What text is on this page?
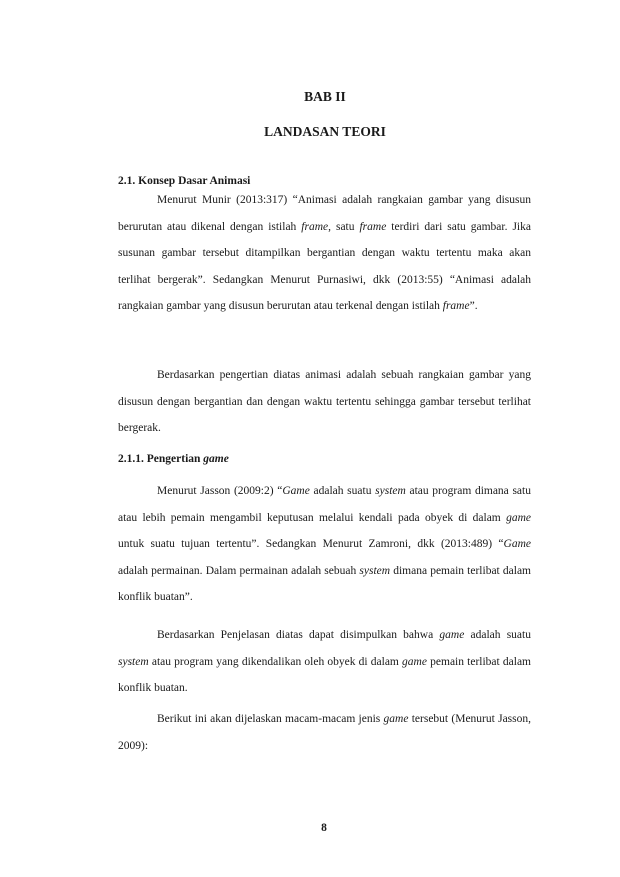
BAB II

LANDASAN TEORI

2.1. Konsep Dasar Animasi

Menurut Munir (2013:317) “Animasi adalah rangkaian gambar yang disusun berurutan atau dikenal dengan istilah frame, satu frame terdiri dari satu gambar. Jika susunan gambar tersebut ditampilkan bergantian dengan waktu tertentu maka akan terlihat bergerak”. Sedangkan Menurut Purnasiwi, dkk (2013:55) “Animasi adalah rangkaian gambar yang disusun berurutan atau terkenal dengan istilah frame”.

Berdasarkan pengertian diatas animasi adalah sebuah rangkaian gambar yang disusun dengan bergantian dan dengan waktu tertentu sehingga gambar tersebut terlihat bergerak.

2.1.1. Pengertian game

Menurut Jasson (2009:2) “Game adalah suatu system atau program dimana satu atau lebih pemain mengambil keputusan melalui kendali pada obyek di dalam game untuk suatu tujuan tertentu”. Sedangkan Menurut Zamroni, dkk (2013:489) “Game adalah permainan. Dalam permainan adalah sebuah system dimana pemain terlibat dalam konflik buatan”.

Berdasarkan Penjelasan diatas dapat disimpulkan bahwa game adalah suatu system atau program yang dikendalikan oleh obyek di dalam game pemain terlibat dalam konflik buatan.

Berikut ini akan dijelaskan macam-macam jenis game tersebut (Menurut Jasson, 2009):

8
